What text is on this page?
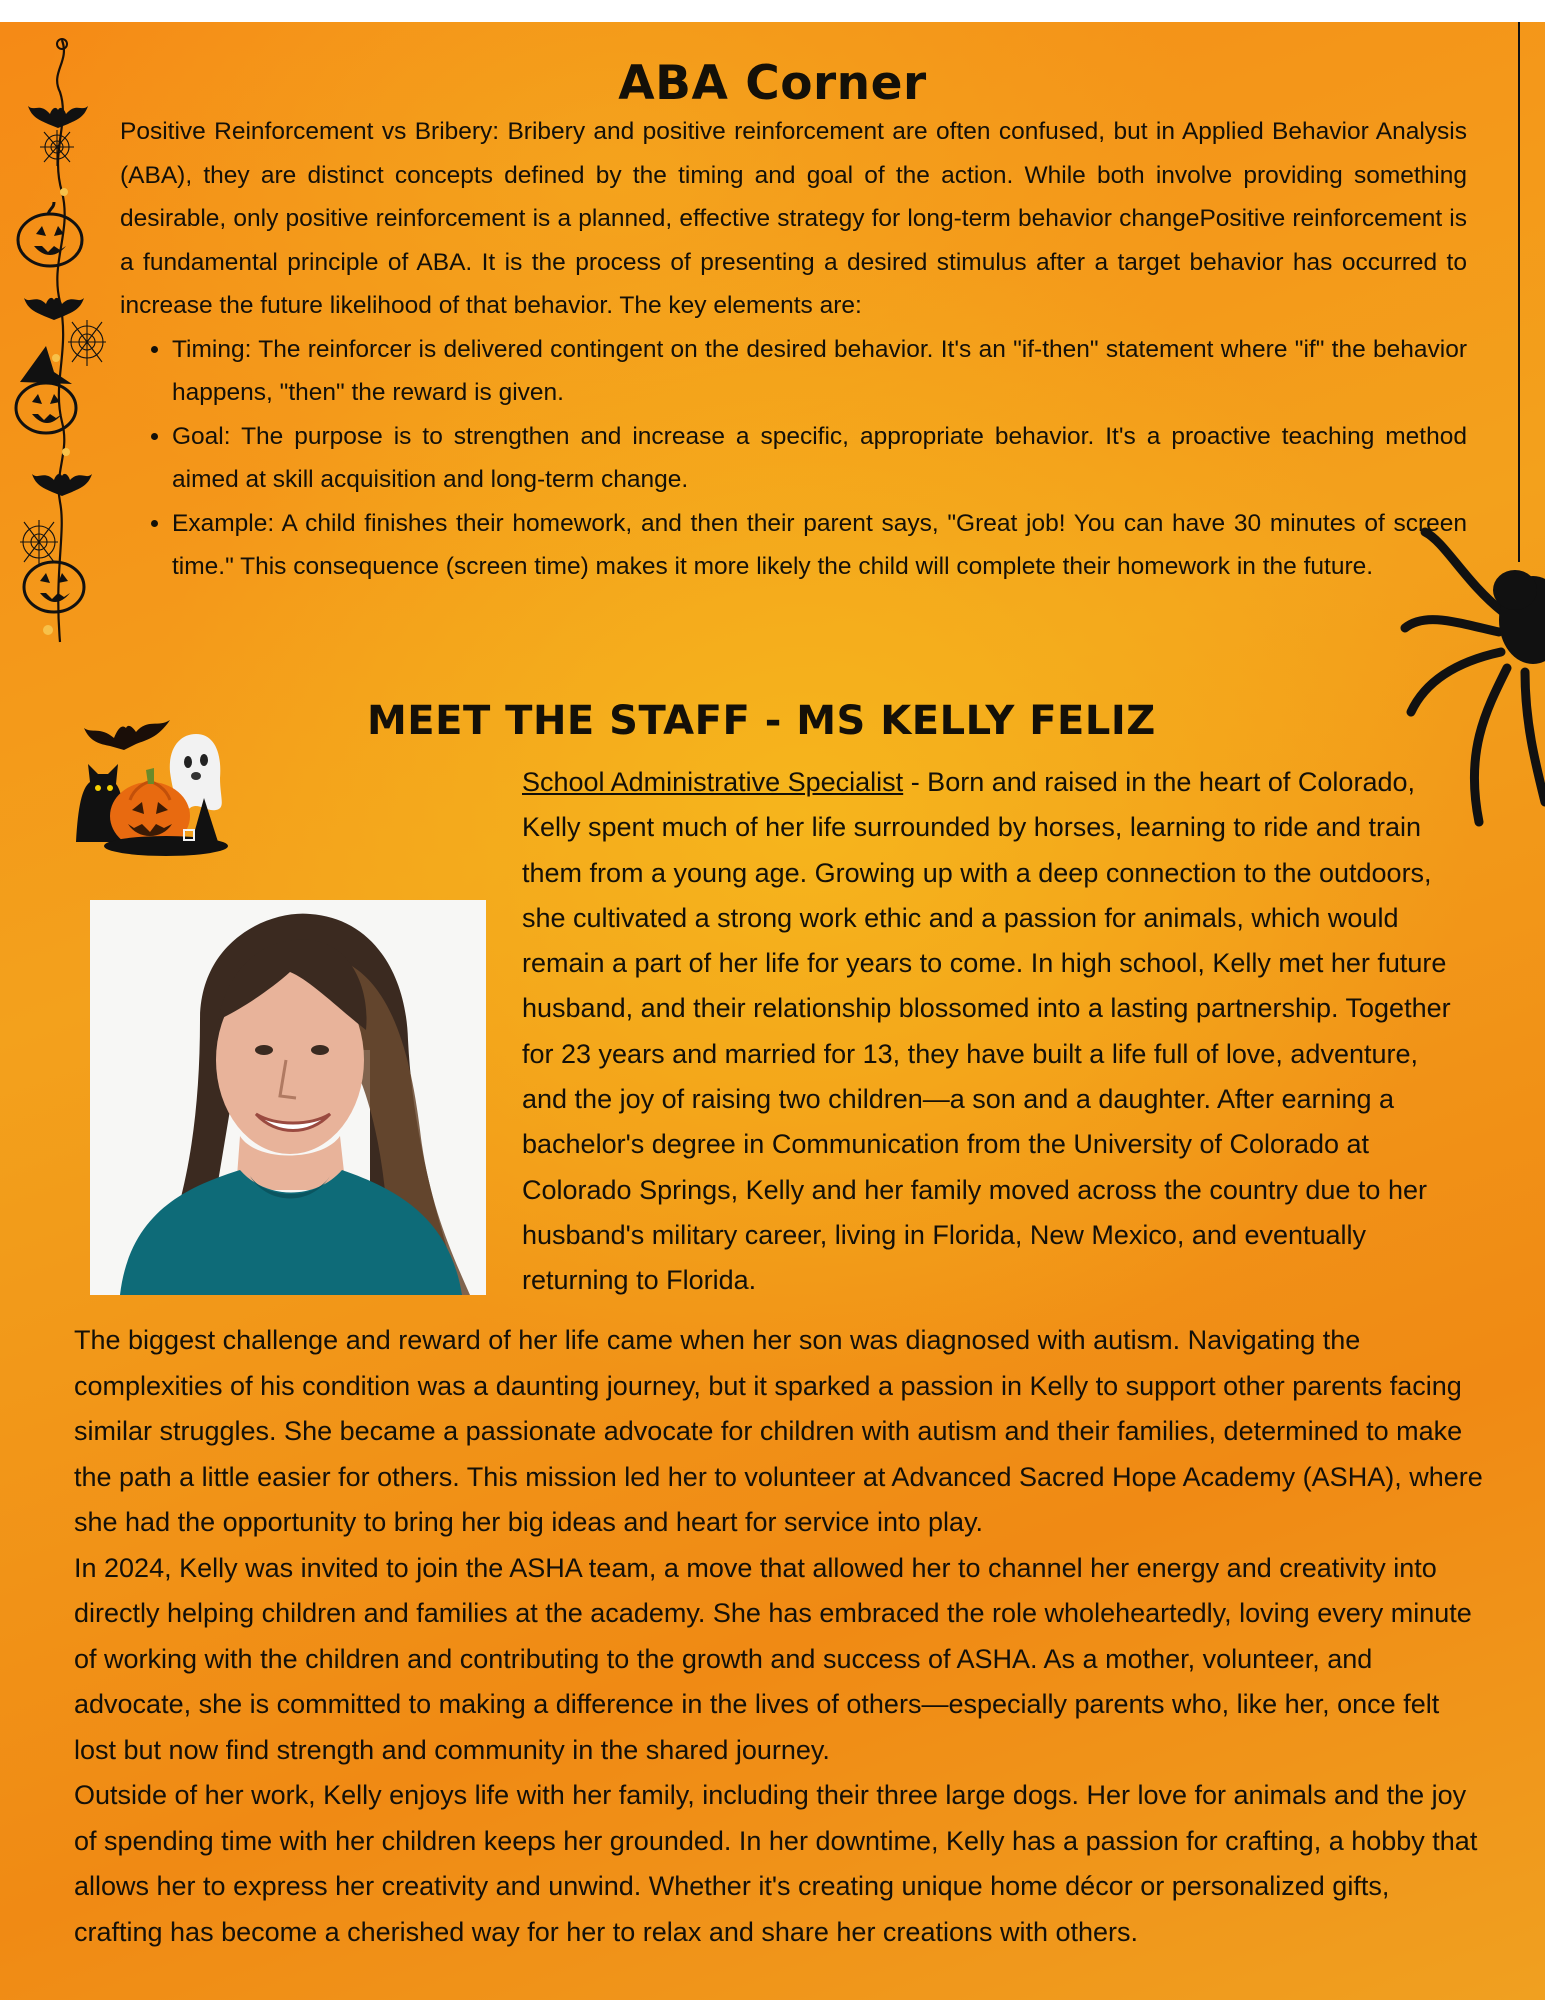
ABA Corner

Positive Reinforcement vs Bribery: Bribery and positive reinforcement are often confused, but in Applied Behavior Analysis (ABA), they are distinct concepts defined by the timing and goal of the action. While both involve providing something desirable, only positive reinforcement is a planned, effective strategy for long-term behavior changePositive reinforcement is a fundamental principle of ABA. It is the process of presenting a desired stimulus after a target behavior has occurred to increase the future likelihood of that behavior. The key elements are:

• Timing: The reinforcer is delivered contingent on the desired behavior. It's an "if-then" statement where "if" the behavior happens, "then" the reward is given.
• Goal: The purpose is to strengthen and increase a specific, appropriate behavior. It's a proactive teaching method aimed at skill acquisition and long-term change.
• Example: A child finishes their homework, and then their parent says, "Great job! You can have 30 minutes of screen time." This consequence (screen time) makes it more likely the child will complete their homework in the future.
MEET THE STAFF - MS KELLY FELIZ

School Administrative Specialist - Born and raised in the heart of Colorado, Kelly spent much of her life surrounded by horses, learning to ride and train them from a young age. Growing up with a deep connection to the outdoors, she cultivated a strong work ethic and a passion for animals, which would remain a part of her life for years to come. In high school, Kelly met her future husband, and their relationship blossomed into a lasting partnership. Together for 23 years and married for 13, they have built a life full of love, adventure, and the joy of raising two children—a son and a daughter. After earning a bachelor's degree in Communication from the University of Colorado at Colorado Springs, Kelly and her family moved across the country due to her husband's military career, living in Florida, New Mexico, and eventually returning to Florida.

The biggest challenge and reward of her life came when her son was diagnosed with autism. Navigating the complexities of his condition was a daunting journey, but it sparked a passion in Kelly to support other parents facing similar struggles. She became a passionate advocate for children with autism and their families, determined to make the path a little easier for others. This mission led her to volunteer at Advanced Sacred Hope Academy (ASHA), where she had the opportunity to bring her big ideas and heart for service into play.

In 2024, Kelly was invited to join the ASHA team, a move that allowed her to channel her energy and creativity into directly helping children and families at the academy. She has embraced the role wholeheartedly, loving every minute of working with the children and contributing to the growth and success of ASHA. As a mother, volunteer, and advocate, she is committed to making a difference in the lives of others—especially parents who, like her, once felt lost but now find strength and community in the shared journey.

Outside of her work, Kelly enjoys life with her family, including their three large dogs. Her love for animals and the joy of spending time with her children keeps her grounded. In her downtime, Kelly has a passion for crafting, a hobby that allows her to express her creativity and unwind. Whether it's creating unique home décor or personalized gifts, crafting has become a cherished way for her to relax and share her creations with others.
